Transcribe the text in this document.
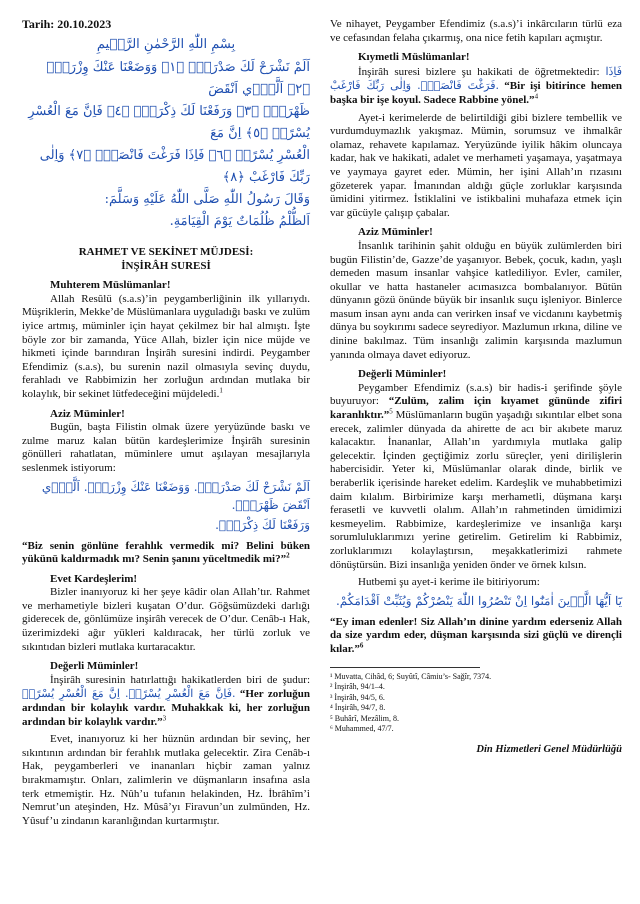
Tarih: 20.10.2023
بِسْمِ اللّٰهِ الرَّحْمٰنِ الرَّح۪يمِ

اَلَمْ نَشْرَحْ لَكَ صَدْرَكَۙ ﴿١﴾ وَوَضَعْنَا عَنْكَ وِزْرَكَۙ ﴿٢﴾ اَلَّذ۪ٓي اَنْقَضَ

ظَهْرَكَۙ ﴿٣﴾ وَرَفَعْنَا لَكَ ذِكْرَكَۜ ﴿٤﴾ فَاِنَّ مَعَ الْعُسْرِ يُسْرًاۙ ﴿٥﴾ اِنَّ مَعَ

الْعُسْرِ يُسْرًاۜ ﴿٦﴾ فَاِذَا فَرَغْتَ فَانْصَبْۙ ﴿٧﴾ وَاِلٰى رَبِّكَ فَارْغَبْ ﴿٨﴾

وَقَالَ رَسُولُ اللّٰهِ صَلَّى اللّٰهُ عَلَيْهِ وَسَلَّمَ:

اَلظُّلْمُ ظُلُمَاتٌ يَوْمَ الْقِيَامَةِ.

RAHMET VE SEKİNET MÜJDESİ:
İNŞİRÂH SURESİ
Muhterem Müslümanlar!

Allah Resûlü (s.a.s)’in peygamberliğinin ilk yıllarıydı. Müşriklerin, Mekke’de Müslümanlara uyguladığı baskı ve zulüm iyice artmış, müminler için hayat çekilmez bir hal almıştı. İşte böyle zor bir zamanda, Yüce Allah, bizler için nice müjde ve hikmeti içinde barındıran İnşirâh suresini indirdi. Peygamber Efendimiz (s.a.s), bu surenin nazil olmasıyla sevinç duydu, ferahladı ve Rabbimizin her zorluğun ardından mutlaka bir kolaylık, bir sekinet lütfedeceğini müjdeledi.$^1$

Aziz Müminler!

Bugün, başta Filistin olmak üzere yeryüzünde baskı ve zulme maruz kalan bütün kardeşlerimize İnşirâh suresinin gönülleri rahatlatan, müminlere umut aşılayan mesajlarıyla seslenmek istiyorum:

اَلَمْ نَشْرَحْ لَكَ صَدْرَكَۙ. وَوَضَعْنَا عَنْكَ وِزْرَكَۙ. اَلَّذ۪ٓي اَنْقَضَ ظَهْرَكَۙ.

وَرَفَعْنَا لَكَ ذِكْرَكَۜ.

“Biz senin gönlüne ferahlık vermedik mi? Belini büken yükünü kaldırmadık mı? Senin şanını yüceltmedik mi?”$^2$

Evet Kardeşlerim!

Bizler inanıyoruz ki her şeye kâdir olan Allah’tır. Rahmet ve merhametiyle bizleri kuşatan O’dur. Göğsümüzdeki darlığı giderecek de, gönlümüze inşirâh verecek de O’dur. Cenâb-ı Hak, üzerimizdeki ağır yükleri kaldıracak, her türlü zorluk ve sıkıntıdan bizleri mutlaka kurtaracaktır.

Değerli Müminler!

İnşirâh suresinin hatırlattığı hakikatlerden biri de şudur: فَاِنَّ مَعَ الْعُسْرِ يُسْرًاۙ. اِنَّ مَعَ الْعُسْرِ يُسْرًاۜ. “Her zorluğun ardından bir kolaylık vardır. Muhakkak ki, her zorluğun ardından bir kolaylık vardır.”$^3$

Evet, inanıyoruz ki her hüznün ardından bir sevinç, her sıkıntının ardından bir ferahlık mutlaka gelecektir. Zira Cenâb-ı Hak, peygamberleri ve inananları hiçbir zaman yalnız bırakmamıştır. Onları, zalimlerin ve düşmanların insafına asla terk etmemiştir. Hz. Nûh’u tufanın helakinden, Hz. İbrâhîm’i Nemrut’un ateşinden, Hz. Mûsâ’yı Firavun’un zulmünden, Hz. Yûsuf’u zindanın karanlığından kurtarmıştır.

Ve nihayet, Peygamber Efendimiz (s.a.s)’i inkârcıların türlü eza ve cefasından felaha çıkarmış, ona nice fetih kapıları açmıştır.

Kıymetli Müslümanlar!

İnşirâh suresi bizlere şu hakikati de öğretmektedir: فَاِذَا فَرَغْتَ فَانْصَبْۙ. وَاِلٰى رَبِّكَ فَارْغَبْ. “Bir işi bitirince hemen başka bir işe koyul. Sadece Rabbine yönel.”$^4$

Ayet-i kerimelerde de belirtildiği gibi bizlere tembellik ve vurdumduymazlık yakışmaz. Mümin, sorumsuz ve ihmalkâr olamaz, rehavete kapılamaz. Yeryüzünde iyilik hâkim oluncaya kadar, hak ve hakikati, adalet ve merhameti yaşamaya, yaşatmaya ve yaymaya gayret eder. Mümin, her işini Allah’ın rızasını gözeterek yapar. İmanından aldığı güçle zorluklar karşısında ümidini yitirmez. İstiklalini ve istikbalini muhafaza etmek için var gücüyle çalışıp çabalar.

Aziz Müminler!

İnsanlık tarihinin şahit olduğu en büyük zulümlerden biri bugün Filistin’de, Gazze’de yaşanıyor. Bebek, çocuk, kadın, yaşlı demeden masum insanlar vahşice katlediliyor. Evler, camiler, okullar ve hatta hastaneler acımasızca bombalanıyor. Bütün dünyanın gözü önünde büyük bir insanlık suçu işleniyor. Binlerce masum insan aynı anda can verirken insaf ve vicdanını kaybetmiş dünya bu soykırımı sadece seyrediyor. Mazlumun ırkına, diline ve dinine bakılmaz. Tüm insanlığı zalimin karşısında mazlumun yanında olmaya davet ediyoruz.

Değerli Müminler!

Peygamber Efendimiz (s.a.s) bir hadis-i şerifinde şöyle buyuruyor: “Zulüm, zalim için kıyamet gününde zifiri karanlıktır.”$^5$ Müslümanların bugün yaşadığı sıkıntılar elbet sona erecek, zalimler dünyada da ahirette de acı bir akıbete maruz kalacaktır. İnananlar, Allah’ın yardımıyla mutlaka galip gelecektir. İçinden geçtiğimiz zorlu süreçler, yeni dirilişlerin habercisidir. Yeter ki, Müslümanlar olarak dinde, birlik ve beraberlik içerisinde hareket edelim. Kardeşlik ve muhabbetimizi daim kılalım. Birbirimize karşı merhametli, düşmana karşı ferasetli ve kuvvetli olalım. Allah’ın rahmetinden ümidimizi kesmeyelim. Rabbimize, kardeşlerimize ve insanlığa karşı sorumluluklarımızı yerine getirelim. Getirelim ki Rabbimiz, zorluklarımızı kolaylaştırsın, meşakkatlerimizi rahmete dönüştürsün. Bizi insanlığa yeniden önder ve örnek kılsın.

Hutbemi şu ayet-i kerime ile bitiriyorum:

يَٓا اَيُّهَا الَّذ۪ينَ اٰمَنُٓوا اِنْ تَنْصُرُوا اللّٰهَ يَنْصُرْكُمْ وَيُثَبِّتْ اَقْدَامَكُمْ.

“Ey iman edenler! Siz Allah’ın dinine yardım ederseniz Allah da size yardım eder, düşman karşısında sizi güçlü ve dirençli kılar.”$^6$

¹ Muvatta, Cihâd, 6; Suyûtî, Câmiu’s- Sağîr, 7374.

² İnşirâh, 94/1–4.

³ İnşirâh, 94/5, 6.

⁴ İnşirâh, 94/7, 8.

⁵ Buhârî, Mezâlim, 8.

⁶ Muhammed, 47/7.

Din Hizmetleri Genel Müdürlüğü
